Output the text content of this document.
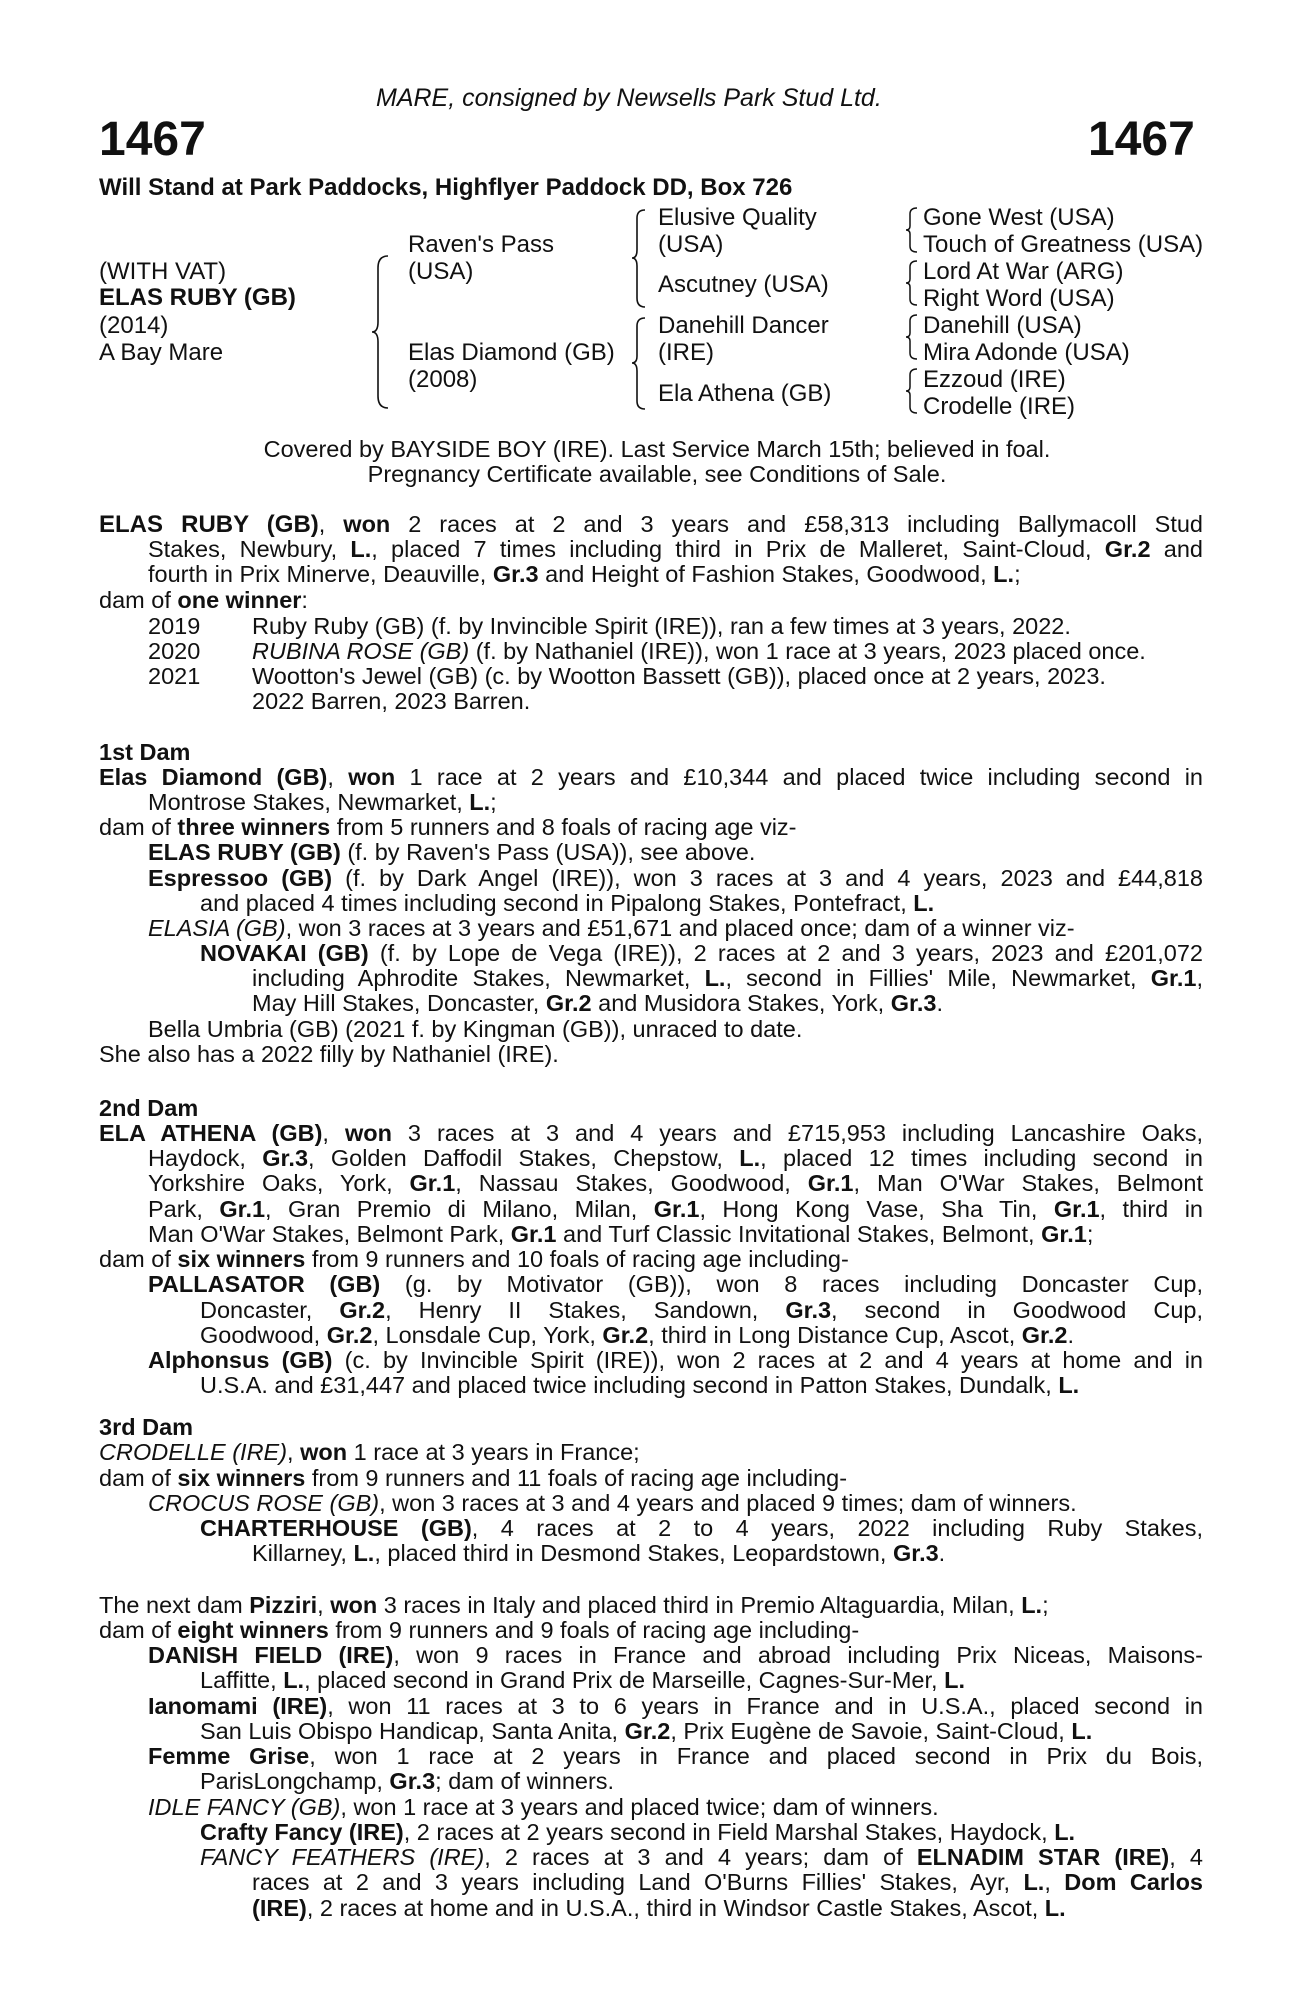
MARE, consigned by Newsells Park Stud Ltd.
1467	1467
Will Stand at Park Paddocks, Highflyer Paddock DD, Box 726
(WITH VAT)
ELAS RUBY (GB)
(2014)
A Bay Mare
Raven's Pass
(USA)
Elas Diamond (GB)
(2008)
Elusive Quality
(USA)
Ascutney (USA)
Danehill Dancer
(IRE)
Ela Athena (GB)
Gone West (USA)
Touch of Greatness (USA)
Lord At War (ARG)
Right Word (USA)
Danehill (USA)
Mira Adonde (USA)
Ezzoud (IRE)
Crodelle (IRE)
Covered by BAYSIDE BOY (IRE). Last Service March 15th; believed in foal.
Pregnancy Certificate available, see Conditions of Sale.
ELAS RUBY (GB), won 2 races at 2 and 3 years and £58,313 including Ballymacoll Stud
Stakes, Newbury, L., placed 7 times including third in Prix de Malleret, Saint-Cloud, Gr.2 and
fourth in Prix Minerve, Deauville, Gr.3 and Height of Fashion Stakes, Goodwood, L.;
dam of one winner:
2019 Ruby Ruby (GB) (f. by Invincible Spirit (IRE)), ran a few times at 3 years, 2022.
2020 RUBINA ROSE (GB) (f. by Nathaniel (IRE)), won 1 race at 3 years, 2023 placed once.
2021 Wootton's Jewel (GB) (c. by Wootton Bassett (GB)), placed once at 2 years, 2023.
2022 Barren, 2023 Barren.
1st Dam
Elas Diamond (GB), won 1 race at 2 years and £10,344 and placed twice including second in
Montrose Stakes, Newmarket, L.;
dam of three winners from 5 runners and 8 foals of racing age viz-
ELAS RUBY (GB) (f. by Raven's Pass (USA)), see above.
Espressoo (GB) (f. by Dark Angel (IRE)), won 3 races at 3 and 4 years, 2023 and £44,818
and placed 4 times including second in Pipalong Stakes, Pontefract, L.
ELASIA (GB), won 3 races at 3 years and £51,671 and placed once; dam of a winner viz-
NOVAKAI (GB) (f. by Lope de Vega (IRE)), 2 races at 2 and 3 years, 2023 and £201,072
including Aphrodite Stakes, Newmarket, L., second in Fillies' Mile, Newmarket, Gr.1,
May Hill Stakes, Doncaster, Gr.2 and Musidora Stakes, York, Gr.3.
Bella Umbria (GB) (2021 f. by Kingman (GB)), unraced to date.
She also has a 2022 filly by Nathaniel (IRE).
2nd Dam
ELA ATHENA (GB), won 3 races at 3 and 4 years and £715,953 including Lancashire Oaks,
Haydock, Gr.3, Golden Daffodil Stakes, Chepstow, L., placed 12 times including second in
Yorkshire Oaks, York, Gr.1, Nassau Stakes, Goodwood, Gr.1, Man O'War Stakes, Belmont
Park, Gr.1, Gran Premio di Milano, Milan, Gr.1, Hong Kong Vase, Sha Tin, Gr.1, third in
Man O'War Stakes, Belmont Park, Gr.1 and Turf Classic Invitational Stakes, Belmont, Gr.1;
dam of six winners from 9 runners and 10 foals of racing age including-
PALLASATOR (GB) (g. by Motivator (GB)), won 8 races including Doncaster Cup,
Doncaster, Gr.2, Henry II Stakes, Sandown, Gr.3, second in Goodwood Cup,
Goodwood, Gr.2, Lonsdale Cup, York, Gr.2, third in Long Distance Cup, Ascot, Gr.2.
Alphonsus (GB) (c. by Invincible Spirit (IRE)), won 2 races at 2 and 4 years at home and in
U.S.A. and £31,447 and placed twice including second in Patton Stakes, Dundalk, L.
3rd Dam
CRODELLE (IRE), won 1 race at 3 years in France;
dam of six winners from 9 runners and 11 foals of racing age including-
CROCUS ROSE (GB), won 3 races at 3 and 4 years and placed 9 times; dam of winners.
CHARTERHOUSE (GB), 4 races at 2 to 4 years, 2022 including Ruby Stakes,
Killarney, L., placed third in Desmond Stakes, Leopardstown, Gr.3.
The next dam Pizziri, won 3 races in Italy and placed third in Premio Altaguardia, Milan, L.;
dam of eight winners from 9 runners and 9 foals of racing age including-
DANISH FIELD (IRE), won 9 races in France and abroad including Prix Niceas, Maisons-
Laffitte, L., placed second in Grand Prix de Marseille, Cagnes-Sur-Mer, L.
Ianomami (IRE), won 11 races at 3 to 6 years in France and in U.S.A., placed second in
San Luis Obispo Handicap, Santa Anita, Gr.2, Prix Eugène de Savoie, Saint-Cloud, L.
Femme Grise, won 1 race at 2 years in France and placed second in Prix du Bois,
ParisLongchamp, Gr.3; dam of winners.
IDLE FANCY (GB), won 1 race at 3 years and placed twice; dam of winners.
Crafty Fancy (IRE), 2 races at 2 years second in Field Marshal Stakes, Haydock, L.
FANCY FEATHERS (IRE), 2 races at 3 and 4 years; dam of ELNADIM STAR (IRE), 4
races at 2 and 3 years including Land O'Burns Fillies' Stakes, Ayr, L., Dom Carlos
(IRE), 2 races at home and in U.S.A., third in Windsor Castle Stakes, Ascot, L.
